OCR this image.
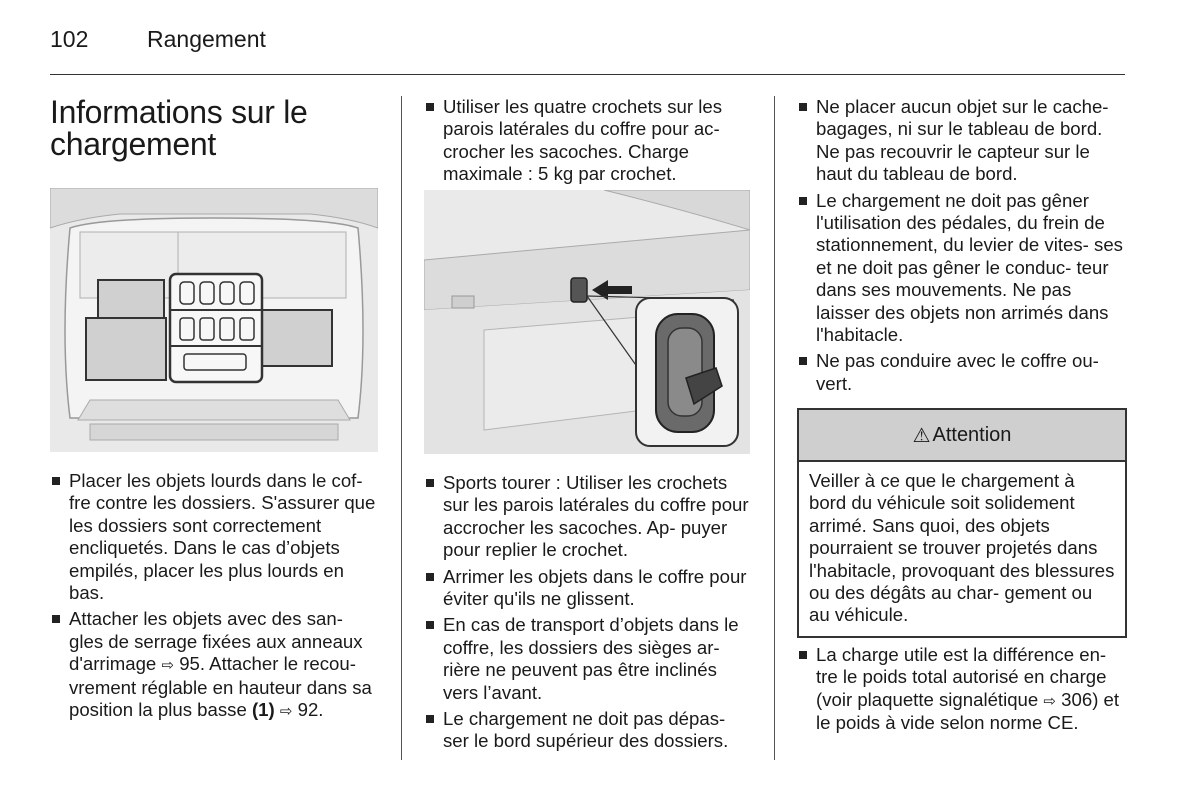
102	Rangement
Informations sur le chargement
Placer les objets lourds dans le cof- fre contre les dossiers. S'assurer que les dossiers sont correctement encliquetés. Dans le cas d’objets empilés, placer les plus lourds en bas.
Attacher les objets avec des san- gles de serrage fixées aux anneaux d'arrimage ⇨ 95. Attacher le recou- vrement réglable en hauteur dans sa position la plus basse (1) ⇨ 92.
Utiliser les quatre crochets sur les parois latérales du coffre pour ac- crocher les sacoches. Charge maximale : 5 kg par crochet.
Sports tourer : Utiliser les crochets sur les parois latérales du coffre pour accrocher les sacoches. Ap- puyer pour replier le crochet.
Arrimer les objets dans le coffre pour éviter qu'ils ne glissent.
En cas de transport d’objets dans le coffre, les dossiers des sièges ar- rière ne peuvent pas être inclinés vers l’avant.
Le chargement ne doit pas dépas- ser le bord supérieur des dossiers.
Ne placer aucun objet sur le cache- bagages, ni sur le tableau de bord. Ne pas recouvrir le capteur sur le haut du tableau de bord.
Le chargement ne doit pas gêner l'utilisation des pédales, du frein de stationnement, du levier de vites- ses et ne doit pas gêner le conduc- teur dans ses mouvements. Ne pas laisser des objets non arrimés dans l'habitacle.
Ne pas conduire avec le coffre ou- vert.
⚠ Attention
Veiller à ce que le chargement à bord du véhicule soit solidement arrimé. Sans quoi, des objets pourraient se trouver projetés dans l'habitacle, provoquant des blessures ou des dégâts au char- gement ou au véhicule.
La charge utile est la différence en- tre le poids total autorisé en charge (voir plaquette signalétique ⇨ 306) et le poids à vide selon norme CE.
